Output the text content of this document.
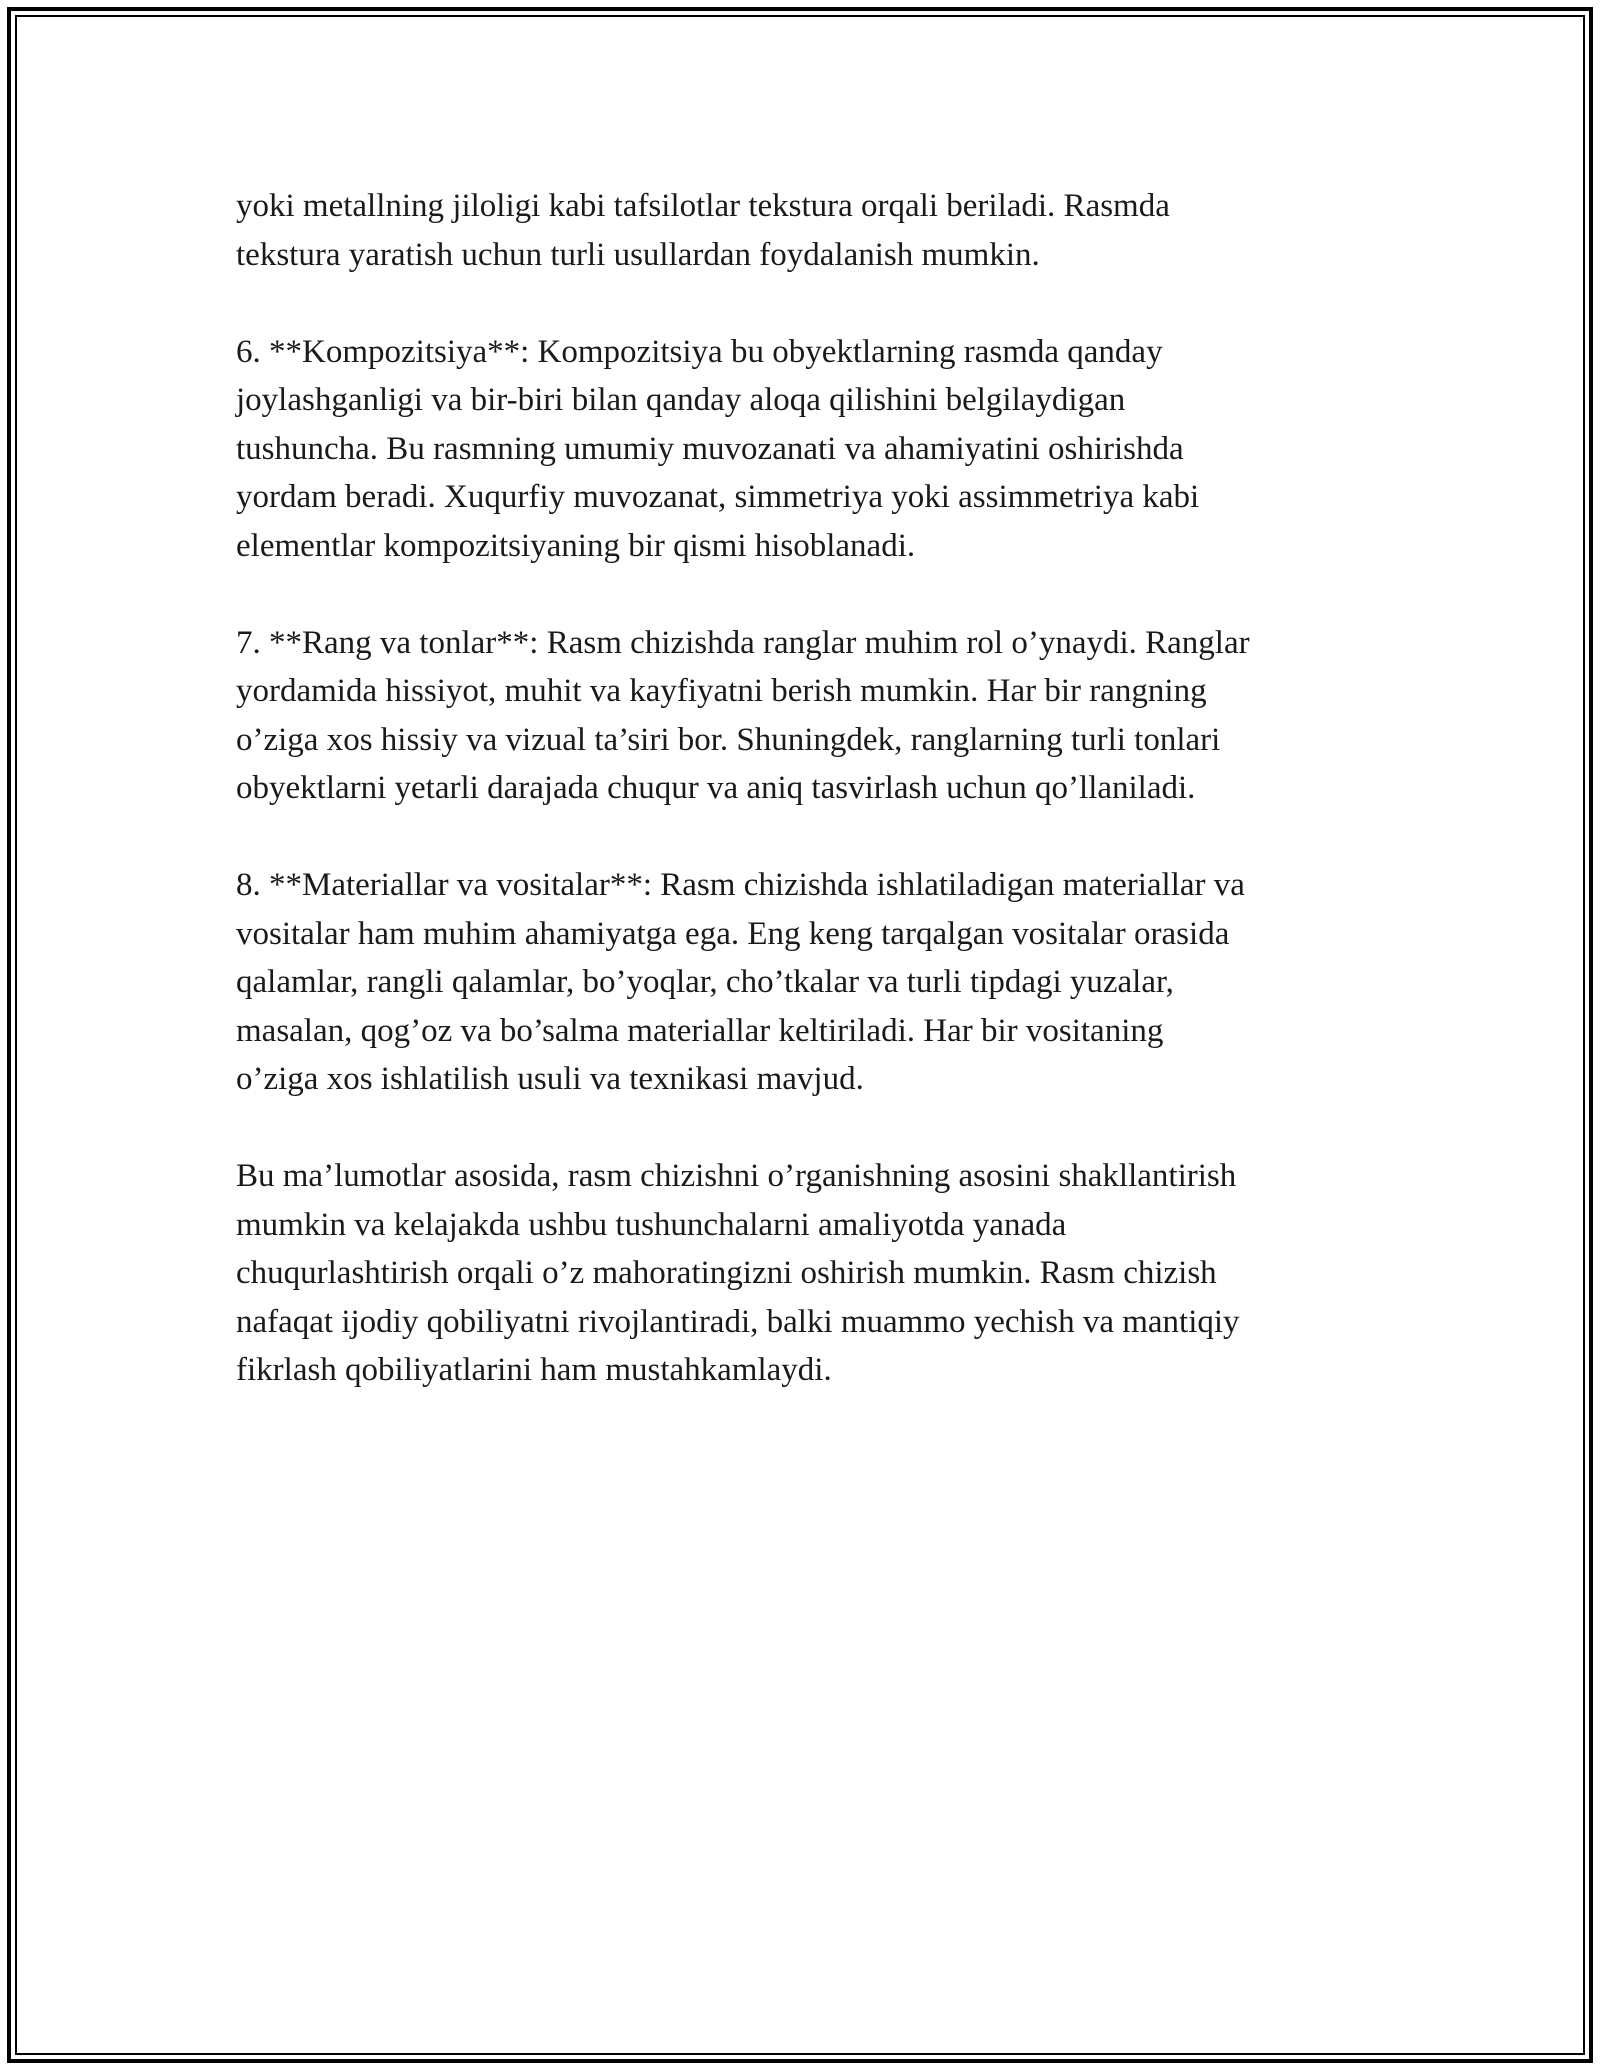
yoki metallning jiloligi kabi tafsilotlar tekstura orqali beriladi. Rasmda
tekstura yaratish uchun turli usullardan foydalanish mumkin.

6. **Kompozitsiya**: Kompozitsiya bu obyektlarning rasmda qanday
joylashganligi va bir-biri bilan qanday aloqa qilishini belgilaydigan
tushuncha. Bu rasmning umumiy muvozanati va ahamiyatini oshirishda
yordam beradi. Xuqurfiy muvozanat, simmetriya yoki assimmetriya kabi
elementlar kompozitsiyaning bir qismi hisoblanadi.

7. **Rang va tonlar**: Rasm chizishda ranglar muhim rol o’ynaydi. Ranglar
yordamida hissiyot, muhit va kayfiyatni berish mumkin. Har bir rangning
o’ziga xos hissiy va vizual ta’siri bor. Shuningdek, ranglarning turli tonlari
obyektlarni yetarli darajada chuqur va aniq tasvirlash uchun qo’llaniladi.

8. **Materiallar va vositalar**: Rasm chizishda ishlatiladigan materiallar va
vositalar ham muhim ahamiyatga ega. Eng keng tarqalgan vositalar orasida
qalamlar, rangli qalamlar, bo’yoqlar, cho’tkalar va turli tipdagi yuzalar,
masalan, qog’oz va bo’salma materiallar keltiriladi. Har bir vositaning
o’ziga xos ishlatilish usuli va texnikasi mavjud.

Bu ma’lumotlar asosida, rasm chizishni o’rganishning asosini shakllantirish
mumkin va kelajakda ushbu tushunchalarni amaliyotda yanada
chuqurlashtirish orqali o’z mahoratingizni oshirish mumkin. Rasm chizish
nafaqat ijodiy qobiliyatni rivojlantiradi, balki muammo yechish va mantiqiy
fikrlash qobiliyatlarini ham mustahkamlaydi.
